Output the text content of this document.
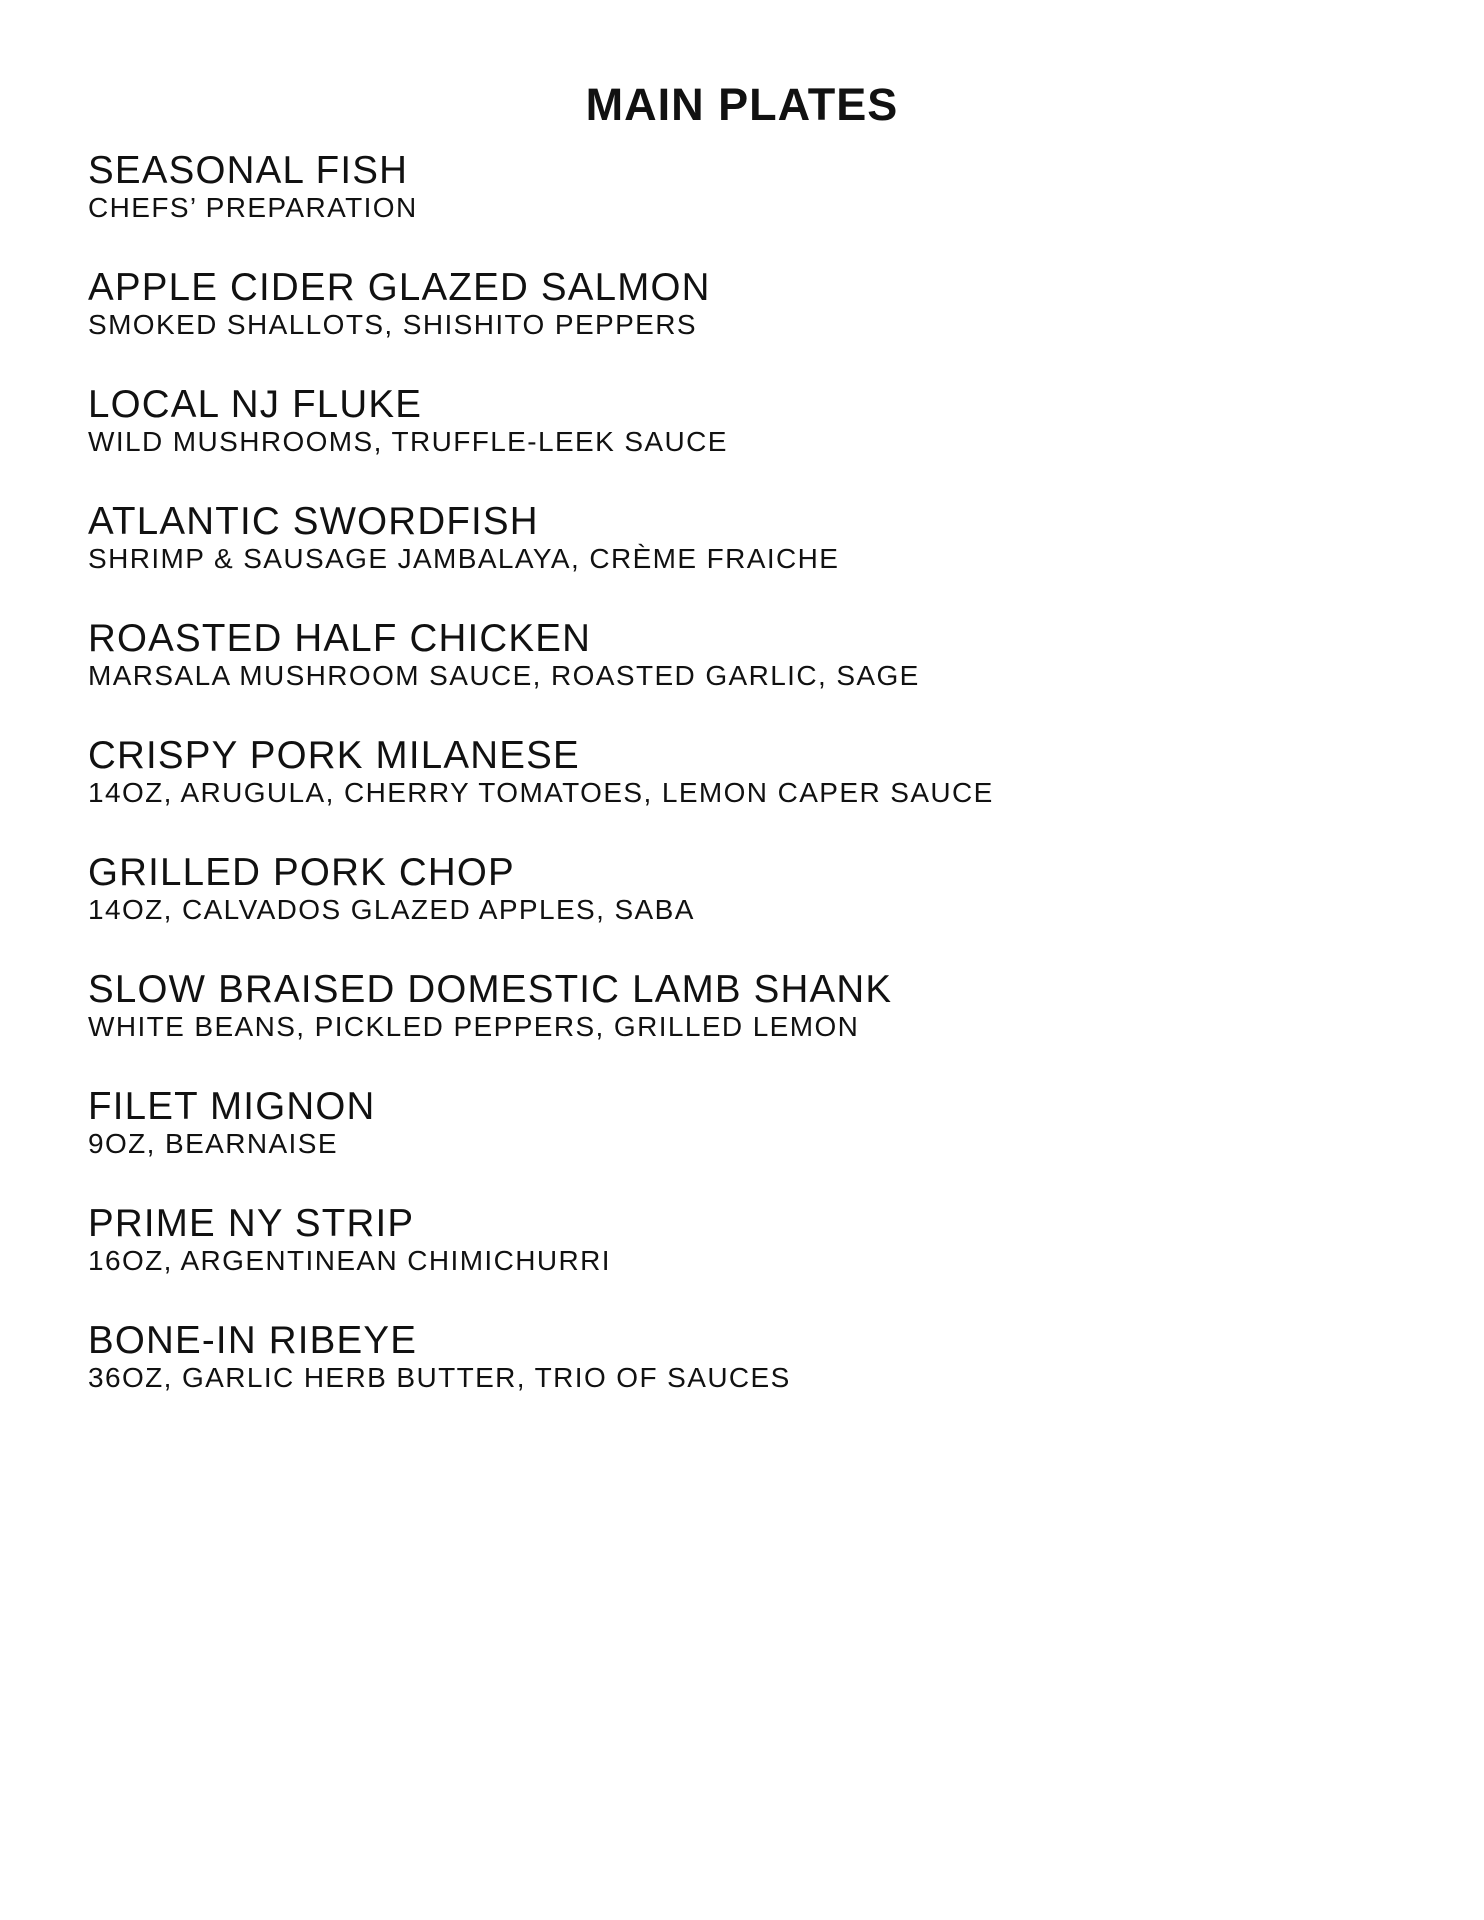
MAIN PLATES
SEASONAL FISH
CHEFS’ PREPARATION
APPLE CIDER GLAZED SALMON
SMOKED SHALLOTS, SHISHITO PEPPERS
LOCAL NJ FLUKE
WILD MUSHROOMS, TRUFFLE-LEEK SAUCE
ATLANTIC SWORDFISH
SHRIMP & SAUSAGE JAMBALAYA, CRÈME FRAICHE
ROASTED HALF CHICKEN
MARSALA MUSHROOM SAUCE, ROASTED GARLIC, SAGE
CRISPY PORK MILANESE
14OZ, ARUGULA, CHERRY TOMATOES, LEMON CAPER SAUCE
GRILLED PORK CHOP
14OZ, CALVADOS GLAZED APPLES, SABA
SLOW BRAISED DOMESTIC LAMB SHANK
WHITE BEANS, PICKLED PEPPERS, GRILLED LEMON
FILET MIGNON
9OZ, BEARNAISE
PRIME NY STRIP
16OZ, ARGENTINEAN CHIMICHURRI
BONE-IN RIBEYE
36OZ, GARLIC HERB BUTTER, TRIO OF SAUCES
